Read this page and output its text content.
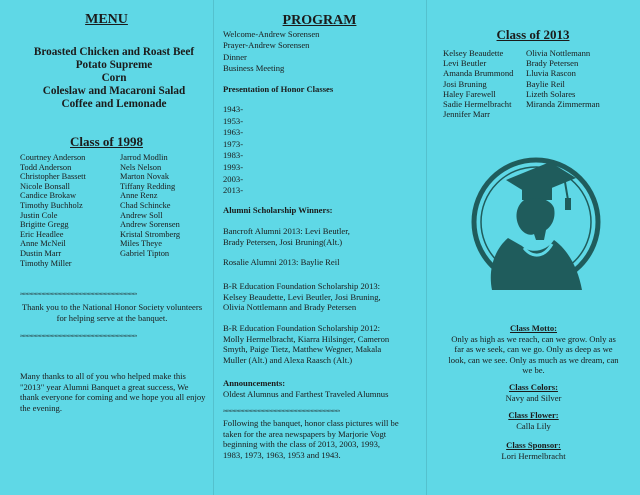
MENU
Broasted Chicken and Roast Beef
Potato Supreme
Corn
Coleslaw and Macaroni Salad
Coffee and Lemonade
Class of 1998
Courtney Anderson
Todd Anderson
Christopher Bassett
Nicole Bonsall
Candice Brokaw
Timothy Buchholz
Justin Cole
Brigitte Gregg
Eric Headlee
Anne McNeil
Dustin Marr
Timothy Miller
Jarrod Modlin
Nels Nelson
Marton Novak
Tiffany Redding
Anne Renz
Chad Schincke
Andrew Soll
Andrew Sorensen
Kristal Stromberg
Miles Theye
Gabriel Tipton
»»»»»»»»»»»»»»»»»»»»»»»»»»»»»»»»»»»»»»»»»»»»
Thank you to the National Honor Society volunteers
for helping serve at the banquet.
»»»»»»»»»»»»»»»»»»»»»»»»»»»»»»»»»»»»»»»»»»»»
Many thanks to all of you who helped make this
"2013" year Alumni Banquet a great success, We
thank everyone for coming and we hope you all enjoy
the evening.
PROGRAM
Welcome-Andrew Sorensen
Prayer-Andrew Sorensen
Dinner
Business Meeting
Presentation of Honor Classes
1943-
1953-
1963-
1973-
1983-
1993-
2003-
2013-
Alumni Scholarship Winners:
Bancroft Alumni 2013: Levi Beutler,
Brady Petersen, Josi Bruning(Alt.)
Rosalie Alumni 2013: Baylie Reil
B-R Education Foundation Scholarship 2013:
Kelsey Beaudette, Levi Beutler, Josi Bruning,
Olivia Nottlemann and Brady Petersen
B-R Education Foundation Scholarship 2012:
Molly Hermelbracht, Kiarra Hilsinger, Cameron
Smyth, Paige Tietz, Matthew Wegner, Makala
Muller (Alt.) and Alexa Raasch (Alt.)
Announcements:
Oldest Alumnus and Farthest Traveled Alumnus
»»»»»»»»»»»»»»»»»»»»»»»»»»»»»»»»»»»»»»»»»»»»
Following the banquet, honor class pictures will be
taken for the area newspapers by Marjorie Vogt
beginning with the class of 2013, 2003, 1993,
1983, 1973, 1963, 1953 and 1943.
Class of 2013
Kelsey Beaudette
Levi Beutler
Amanda Brummond
Josi Bruning
Haley Farewell
Sadie Hermelbracht
Jennifer Marr
Olivia Nottlemann
Brady Petersen
Lluvia Rascon
Baylie Reil
Lizeth Solares
Miranda Zimmerman
Class Motto:
Only as high as we reach, can we grow. Only as
far as we seek, can we go. Only as deep as we
look, can we see. Only as much as we dream, can
we be.
Class Colors:
Navy and Silver
Class Flower:
Calla Lily
Class Sponsor:
Lori Hermelbracht
